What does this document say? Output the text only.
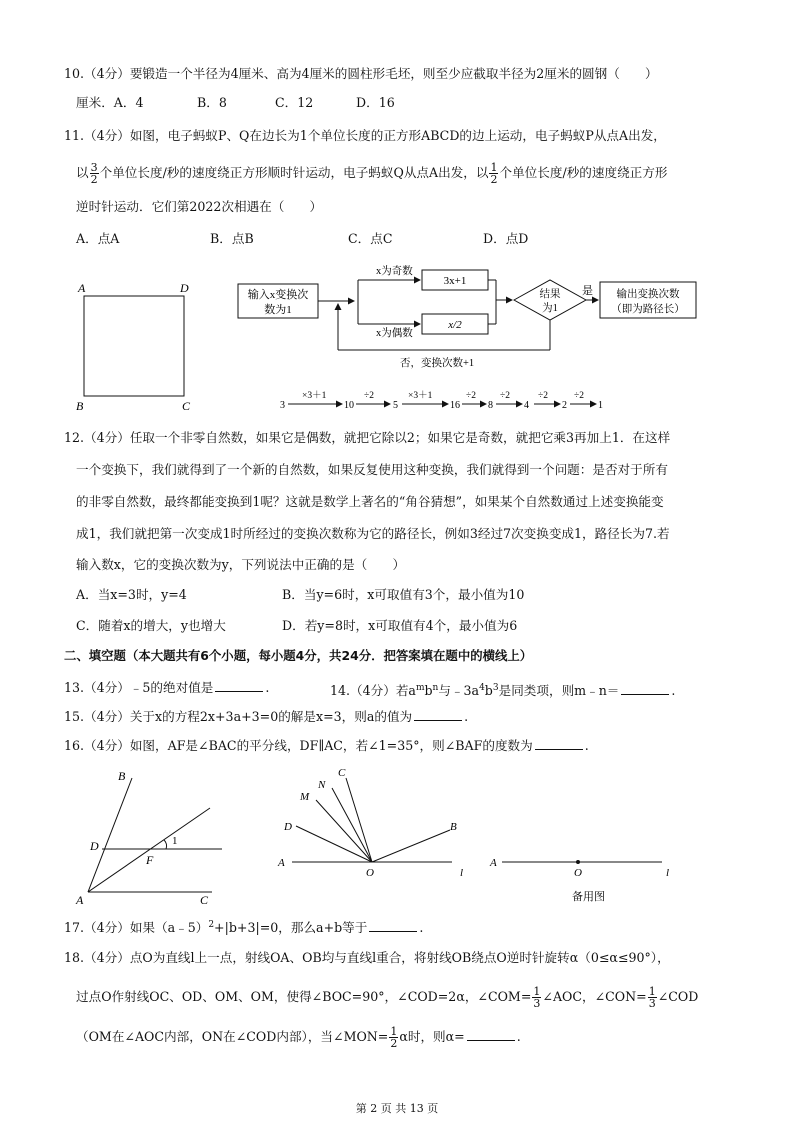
10.（4分）要锻造一个半径为4厘米、高为4厘米的圆柱形毛坯，则至少应截取半径为2厘米的圆钢（　　）
厘米．A．4	B．8	C．12	D．16
11.（4分）如图，电子蚂蚁P、Q在边长为1个单位长度的正方形ABCD的边上运动，电子蚂蚁P从点A出发，
以 $\frac{3}{2}$ 个单位长度/秒的速度绕正方形顺时针运动，电子蚂蚁Q从点A出发，以 $\frac{1}{2}$ 个单位长度/秒的速度绕正方形
逆时针运动．它们第2022次相遇在（　　）
A．点A	B．点B	C．点C	D．点D
A	D
B	C
输入x变换次
数为1
x为奇数
x为偶数
3x+1
x/2
结果
为1
是 输出变换次数
（即为路径长）
否，变换次数+1
3
×3＋1
10
÷2
5
×3＋1
16
÷2
8
÷2
4
÷2
2
÷2
1
12.（4分）任取一个非零自然数，如果它是偶数，就把它除以2；如果它是奇数，就把它乘3再加上1．在这样
一个变换下，我们就得到了一个新的自然数，如果反复使用这种变换，我们就得到一个问题：是否对于所有
的非零自然数，最终都能变换到1呢？这就是数学上著名的“角谷猜想”，如果某个自然数通过上述变换能变
成1，我们就把第一次变成1时所经过的变换次数称为它的路径长，例如3经过7次变换变成1，路径长为7.若
输入数x，它的变换次数为y，下列说法中正确的是（　　）
A．当x=3时，y=4	B．当y=6时，x可取值有3个，最小值为10
C．随着x的增大，y也增大	D．若y=8时，x可取值有4个，最小值为6
二、填空题（本大题共有6个小题，每小题4分，共24分．把答案填在题中的横线上）
13.（4分）﹣5的绝对值是	.	14.（4分）若$a^mb^n$与$﹣3a^4b^3$是同类项，则m﹣n＝	.
15.（4分）关于x的方程2x+3a+3=0的解是x=3，则a的值为	.
16.（4分）如图，AF是∠BAC的平分线，DF∥AC，若∠1=35°，则∠BAF的度数为	.
B
D
F
1
A	C
C
N
M
D	B
A
O	l
A
O	l
备用图
17.（4分）如果（a﹣5）$^2$+|b+3|=0，那么a+b等于	.
18.（4分）点O为直线l上一点，射线OA、OB均与直线l重合，将射线OB绕点O逆时针旋转α（0≤α≤90°），
过点O作射线OC、OD、OM、OM，使得∠BOC=90°，∠COD=2α，∠COM= $\frac{1}{3}$ ∠AOC，∠CON= $\frac{1}{3}$ ∠COD
（OM在∠AOC内部，ON在∠COD内部），当∠MON= $\frac{1}{2}$ α时，则α=	.
第 2 页 共 13 页
